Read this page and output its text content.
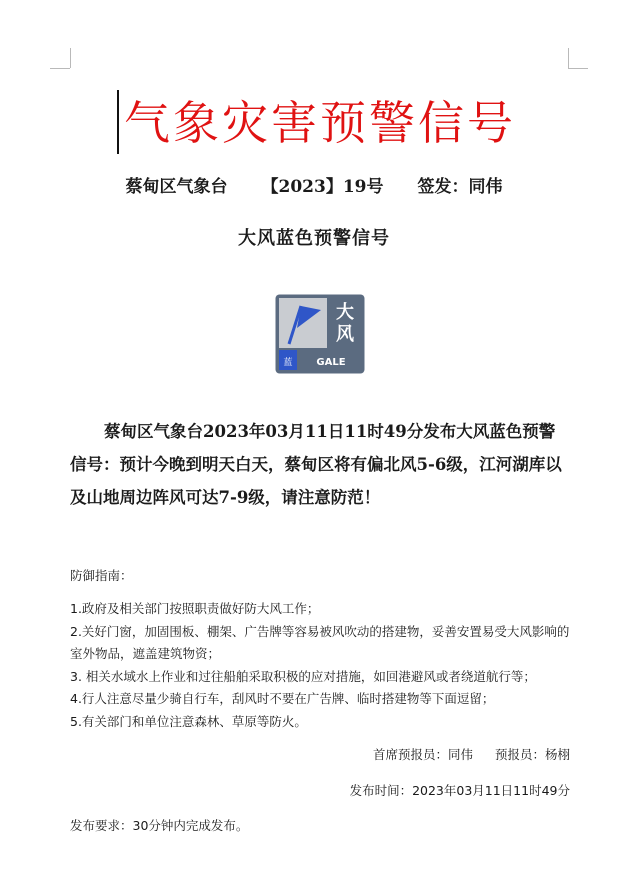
气象灾害预警信号
蔡甸区气象台 【2023】19号 签发：同伟
大风蓝色预警信号
蓝
大
风
GALE

蔡甸区气象台2023年03月11日11时49分发布大风蓝色预警信号：预计今晚到明天白天，蔡甸区将有偏北风5-6级，江河湖库以及山地周边阵风可达7-9级，请注意防范！

防御指南：
1.政府及相关部门按照职责做好防大风工作；
2.关好门窗，加固围板、棚架、广告牌等容易被风吹动的搭建物，妥善安置易受大风影响的室外物品，遮盖建筑物资；
3. 相关水域水上作业和过往船舶采取积极的应对措施，如回港避风或者绕道航行等；
4.行人注意尽量少骑自行车，刮风时不要在广告牌、临时搭建物等下面逗留；
5.有关部门和单位注意森林、草原等防火。
首席预报员：同伟 预报员：杨栩
发布时间：2023年03月11日11时49分
发布要求：30分钟内完成发布。
